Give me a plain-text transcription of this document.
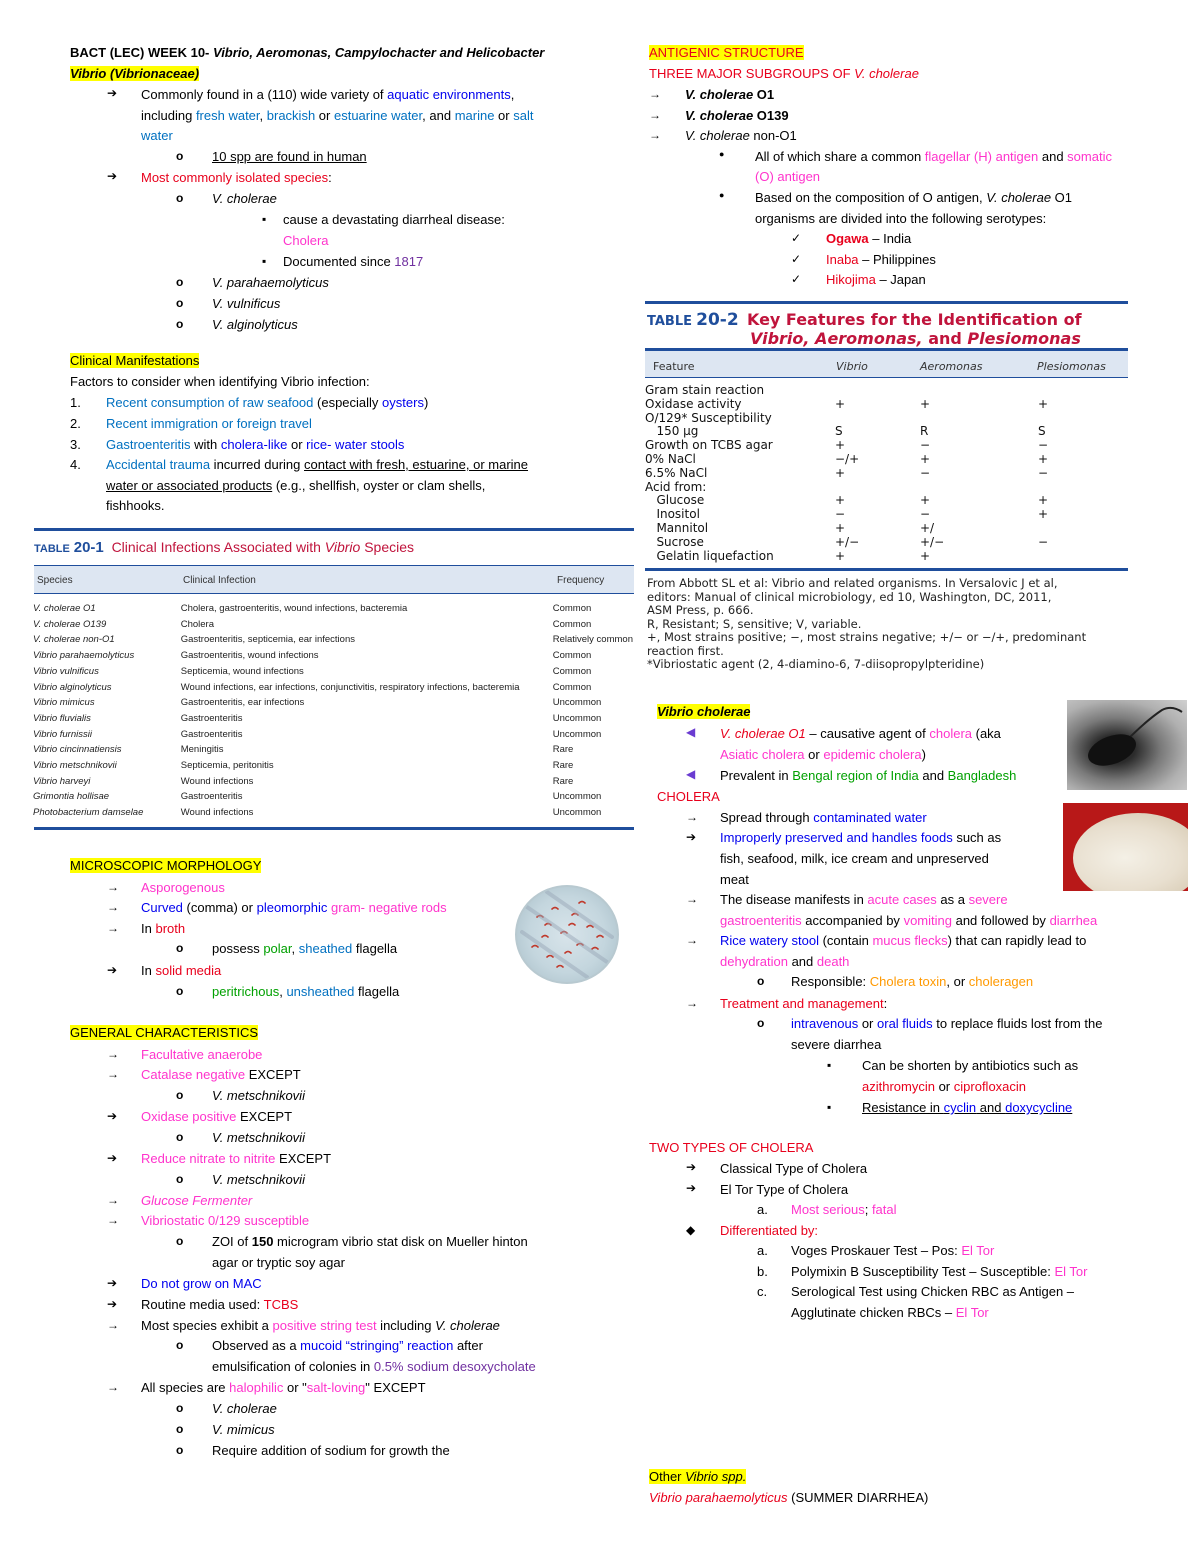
BACT (LEC) WEEK 10- Vibrio, Aeromonas, Campylochacter and Helicobacter
Vibrio (Vibrionaceae)
➔ Commonly found in a (110) wide variety of aquatic environments,
including fresh water, brackish or estuarine water, and marine or salt
water
o 10 spp are found in human
➔ Most commonly isolated species:
o V. cholerae
▪ cause a devastating diarrheal disease:
Cholera
▪ Documented since 1817
o V. parahaemolyticus
o V. vulnificus
o V. alginolyticus
Clinical Manifestations
Factors to consider when identifying Vibrio infection:
1. Recent consumption of raw seafood (especially oysters)
2. Recent immigration or foreign travel
3. Gastroenteritis with cholera-like or rice- water stools
4. Accidental trauma incurred during contact with fresh, estuarine, or marine
water or associated products (e.g., shellfish, oyster or clam shells,
fishhooks.
TABLE 20-1 Clinical Infections Associated with Vibrio Species
Species	Clinical Infection	Frequency
V. cholerae O1	Cholera, gastroenteritis, wound infections, bacteremia	Common
V. cholerae O139	Cholera	Common
V. cholerae non-O1	Gastroenteritis, septicemia, ear infections	Relatively common
Vibrio parahaemolyticus	Gastroenteritis, wound infections	Common
Vibrio vulnificus	Septicemia, wound infections	Common
Vibrio alginolyticus	Wound infections, ear infections, conjunctivitis, respiratory infections, bacteremia	Common
Vibrio mimicus	Gastroenteritis, ear infections	Uncommon
Vibrio fluvialis	Gastroenteritis	Uncommon
Vibrio furnissii	Gastroenteritis	Uncommon
Vibrio cincinnatiensis	Meningitis	Rare
Vibrio metschnikovii	Septicemia, peritonitis	Rare
Vibrio harveyi	Wound infections	Rare
Grimontia hollisae	Gastroenteritis	Uncommon
Photobacterium damselae	Wound infections	Uncommon
MICROSCOPIC MORPHOLOGY
→ Asporogenous
→ Curved (comma) or pleomorphic gram- negative rods
→ In broth
o possess polar, sheathed flagella
➔ In solid media
o peritrichous, unsheathed flagella
GENERAL CHARACTERISTICS
→ Facultative anaerobe
→ Catalase negative EXCEPT
o V. metschnikovii
➔ Oxidase positive EXCEPT
o V. metschnikovii
➔ Reduce nitrate to nitrite EXCEPT
o V. metschnikovii
→ Glucose Fermenter
→ Vibriostatic 0/129 susceptible
o ZOI of 150 microgram vibrio stat disk on Mueller hinton
agar or tryptic soy agar
➔ Do not grow on MAC
➔ Routine media used: TCBS
→ Most species exhibit a positive string test including V. cholerae
o Observed as a mucoid “stringing” reaction after
emulsification of colonies in 0.5% sodium desoxycholate
→ All species are halophilic or "salt-loving" EXCEPT
o V. cholerae
o V. mimicus
o Require addition of sodium for growth the
ANTIGENIC STRUCTURE
THREE MAJOR SUBGROUPS OF V. cholerae
→ V. cholerae O1
→ V. cholerae O139
→ V. cholerae non-O1
● All of which share a common flagellar (H) antigen and somatic
(O) antigen
● Based on the composition of O antigen, V. cholerae O1
organisms are divided into the following serotypes:
✓ Ogawa – India
✓ Inaba – Philippines
✓ Hikojima – Japan
TABLE 20-2 Key Features for the Identification of
Vibrio, Aeromonas, and Plesiomonas
Feature	Vibrio	Aeromonas	Plesiomonas
Gram stain reaction			
Oxidase activity	+	+	+
O/129* Susceptibility			
150 μg	S	R	S
Growth on TCBS agar	+	−	−
0% NaCl	−/+	+	+
6.5% NaCl	+	−	−
Acid from:			
Glucose	+	+	+
Inositol	−	−	+
Mannitol	+	+/	
Sucrose	+/−	+/−	−
Gelatin liquefaction	+	+	
From Abbott SL et al: Vibrio and related organisms. In Versalovic J et al,
editors: Manual of clinical microbiology, ed 10, Washington, DC, 2011,
ASM Press, p. 666.
R, Resistant; S, sensitive; V, variable.
+, Most strains positive; −, most strains negative; +/− or −/+, predominant
reaction first.
*Vibriostatic agent (2, 4-diamino-6, 7-diisopropylpteridine)
Vibrio cholerae
◀ V. cholerae O1 – causative agent of cholera (aka
Asiatic cholera or epidemic cholera)
◀ Prevalent in Bengal region of India and Bangladesh
CHOLERA
→ Spread through contaminated water
➔ Improperly preserved and handles foods such as
fish, seafood, milk, ice cream and unpreserved
meat
→ The disease manifests in acute cases as a severe
gastroenteritis accompanied by vomiting and followed by diarrhea
→ Rice watery stool (contain mucus flecks) that can rapidly lead to
dehydration and death
o Responsible: Cholera toxin, or choleragen
→ Treatment and management:
o intravenous or oral fluids to replace fluids lost from the
severe diarrhea
▪ Can be shorten by antibiotics such as
azithromycin or ciprofloxacin
▪ Resistance in cyclin and doxycycline
TWO TYPES OF CHOLERA
➔ Classical Type of Cholera
➔ El Tor Type of Cholera
a. Most serious; fatal
◆ Differentiated by:
a. Voges Proskauer Test – Pos: El Tor
b. Polymixin B Susceptibility Test – Susceptible: El Tor
c. Serological Test using Chicken RBC as Antigen –
Agglutinate chicken RBCs – El Tor
Other Vibrio spp.
Vibrio parahaemolyticus (SUMMER DIARRHEA)
